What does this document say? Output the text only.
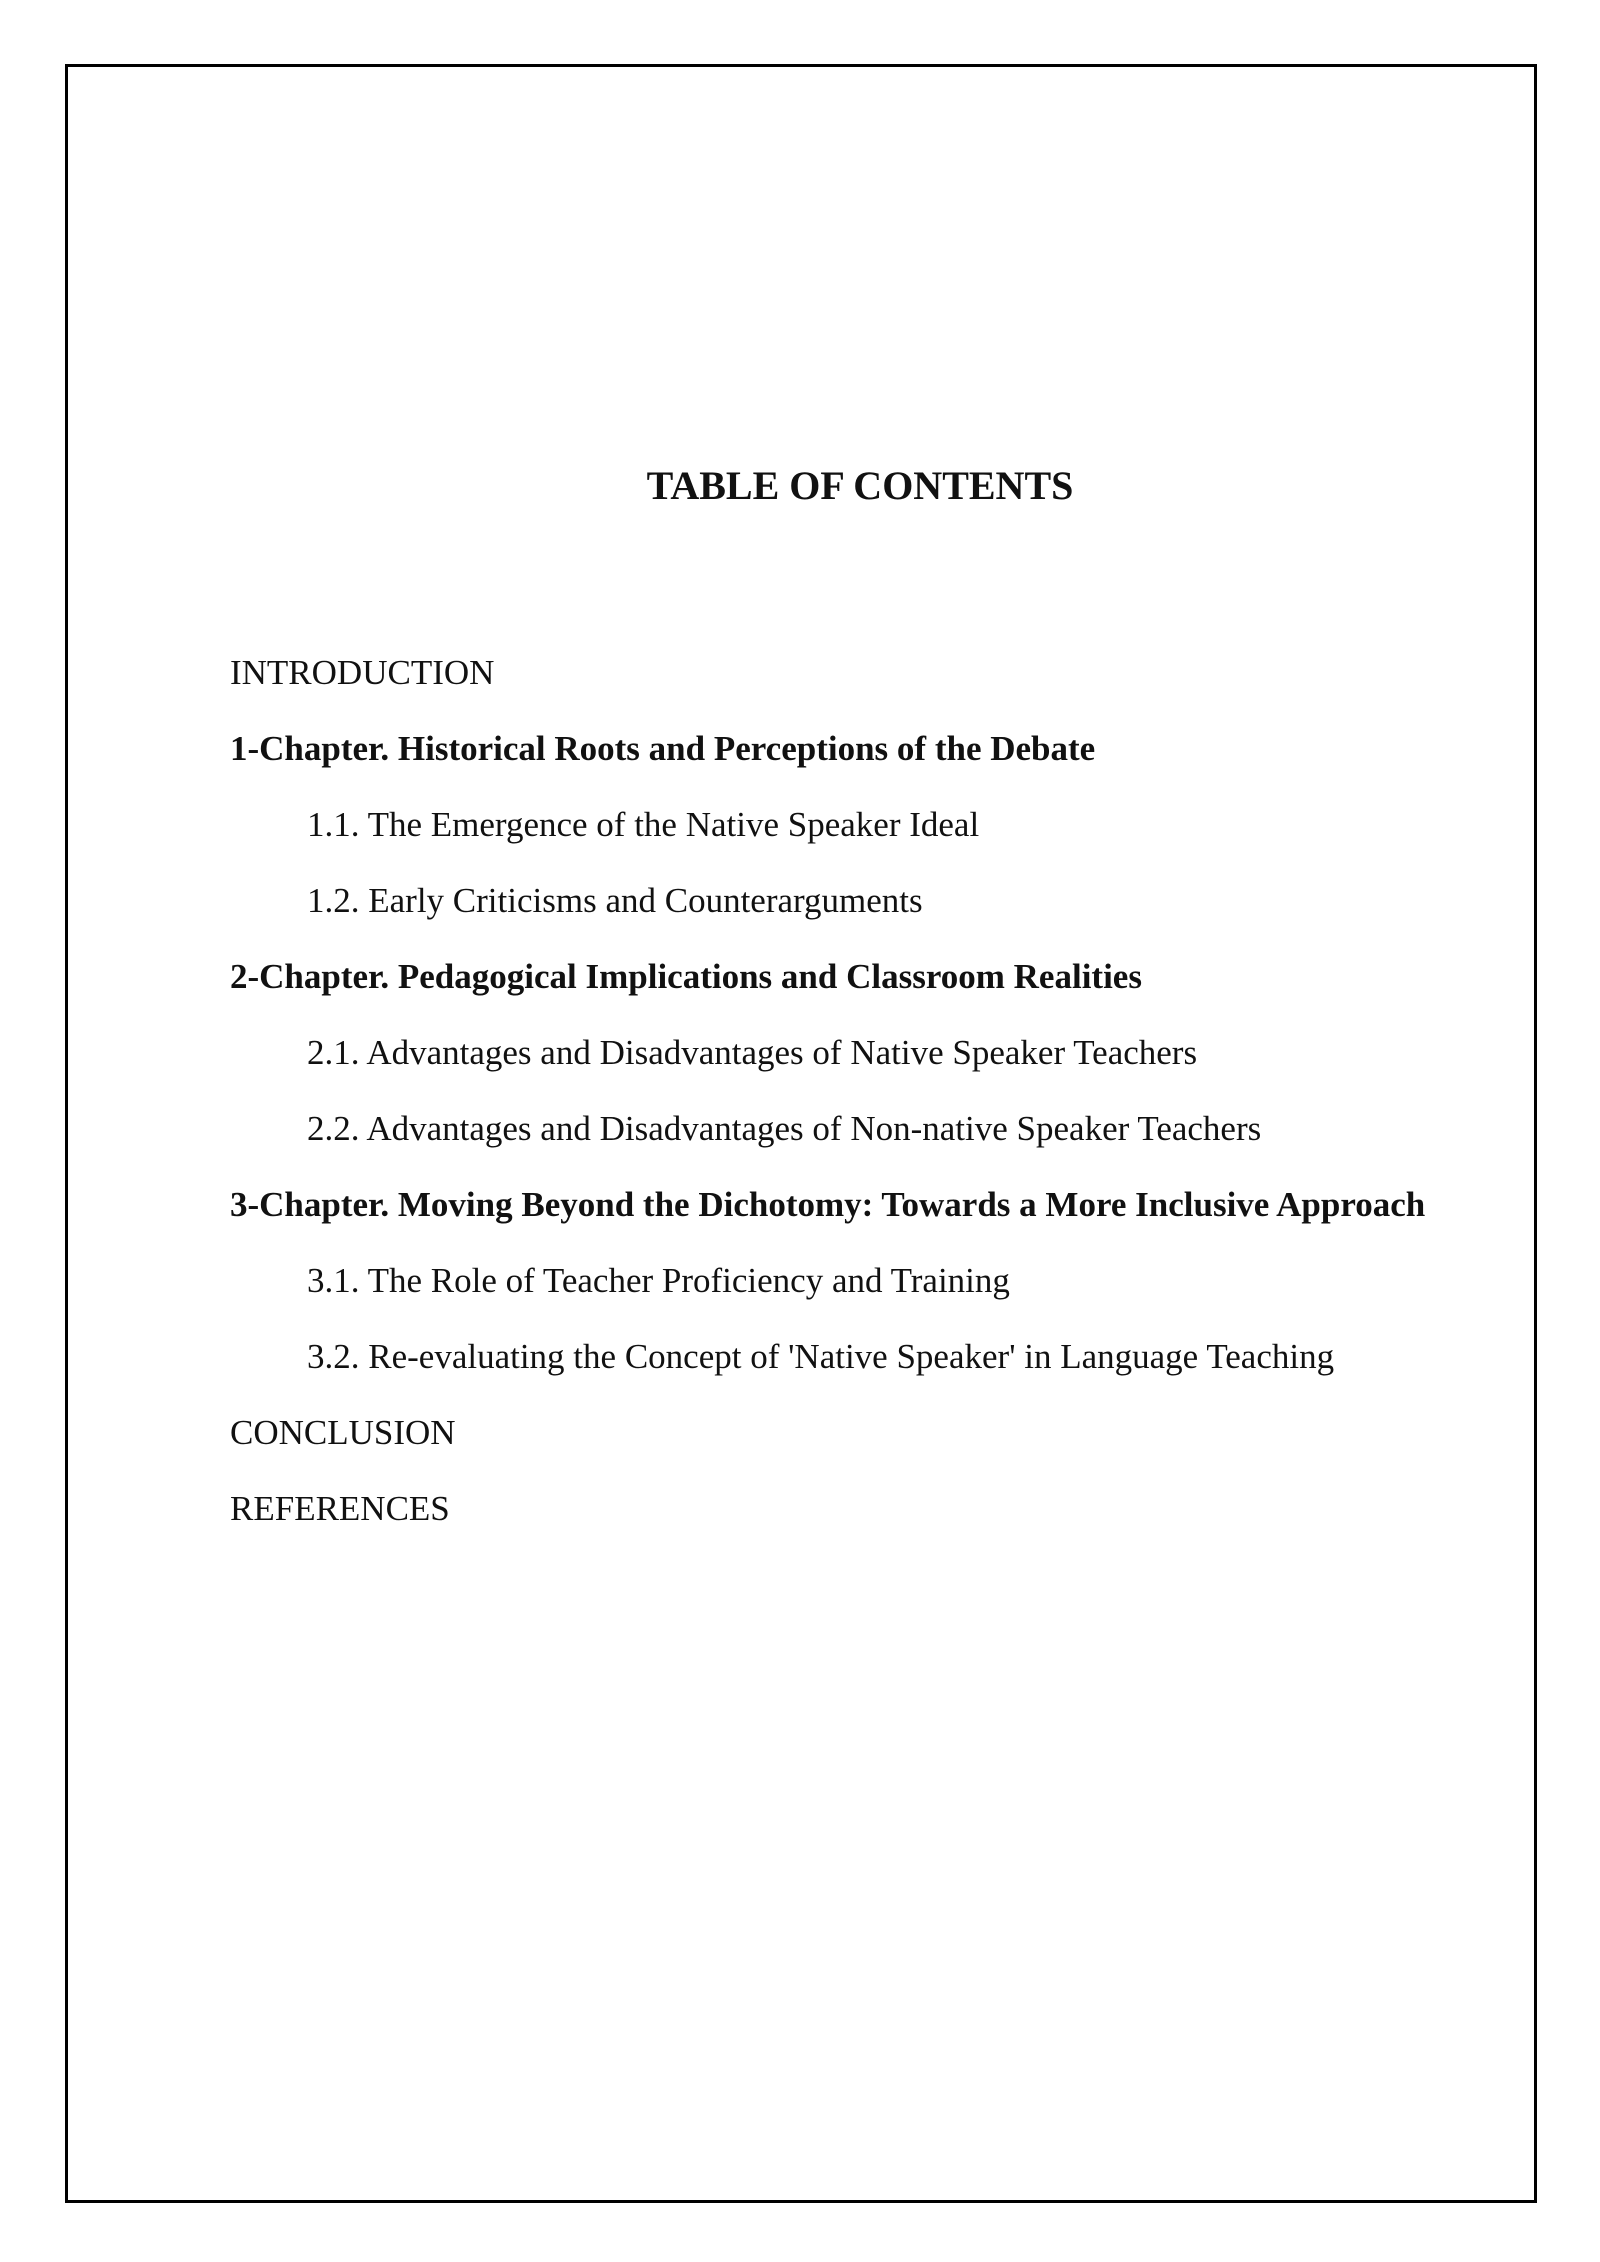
TABLE OF CONTENTS
INTRODUCTION
1-Chapter. Historical Roots and Perceptions of the Debate
1.1. The Emergence of the Native Speaker Ideal
1.2. Early Criticisms and Counterarguments
2-Chapter. Pedagogical Implications and Classroom Realities
2.1. Advantages and Disadvantages of Native Speaker Teachers
2.2. Advantages and Disadvantages of Non-native Speaker Teachers
3-Chapter. Moving Beyond the Dichotomy: Towards a More Inclusive Approach
3.1. The Role of Teacher Proficiency and Training
3.2. Re-evaluating the Concept of 'Native Speaker' in Language Teaching
CONCLUSION
REFERENCES
